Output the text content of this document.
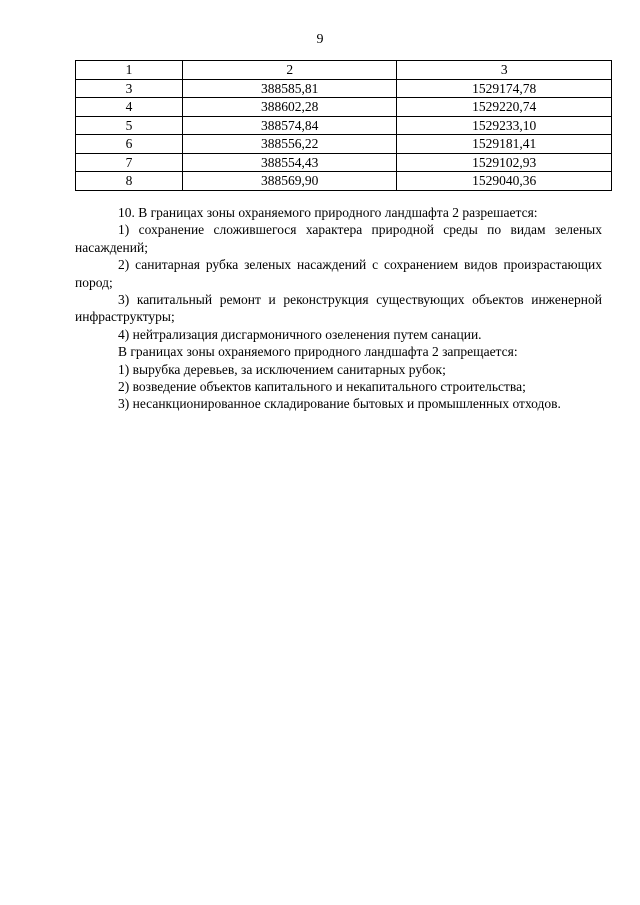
9
1	2	3
3	388585,81	1529174,78
4	388602,28	1529220,74
5	388574,84	1529233,10
6	388556,22	1529181,41
7	388554,43	1529102,93
8	388569,90	1529040,36

10. В границах зоны охраняемого природного ландшафта 2 разрешается:

1) сохранение сложившегося характера природной среды по видам зеленых насаждений;

2) санитарная рубка зеленых насаждений с сохранением видов произрастающих пород;

3) капитальный ремонт и реконструкция существующих объектов инженерной инфраструктуры;

4) нейтрализация дисгармоничного озеленения путем санации.

В границах зоны охраняемого природного ландшафта 2 запрещается:

1) вырубка деревьев, за исключением санитарных рубок;

2) возведение объектов капитального и некапитального строительства;

3) несанкционированное складирование бытовых и промышленных отходов.
